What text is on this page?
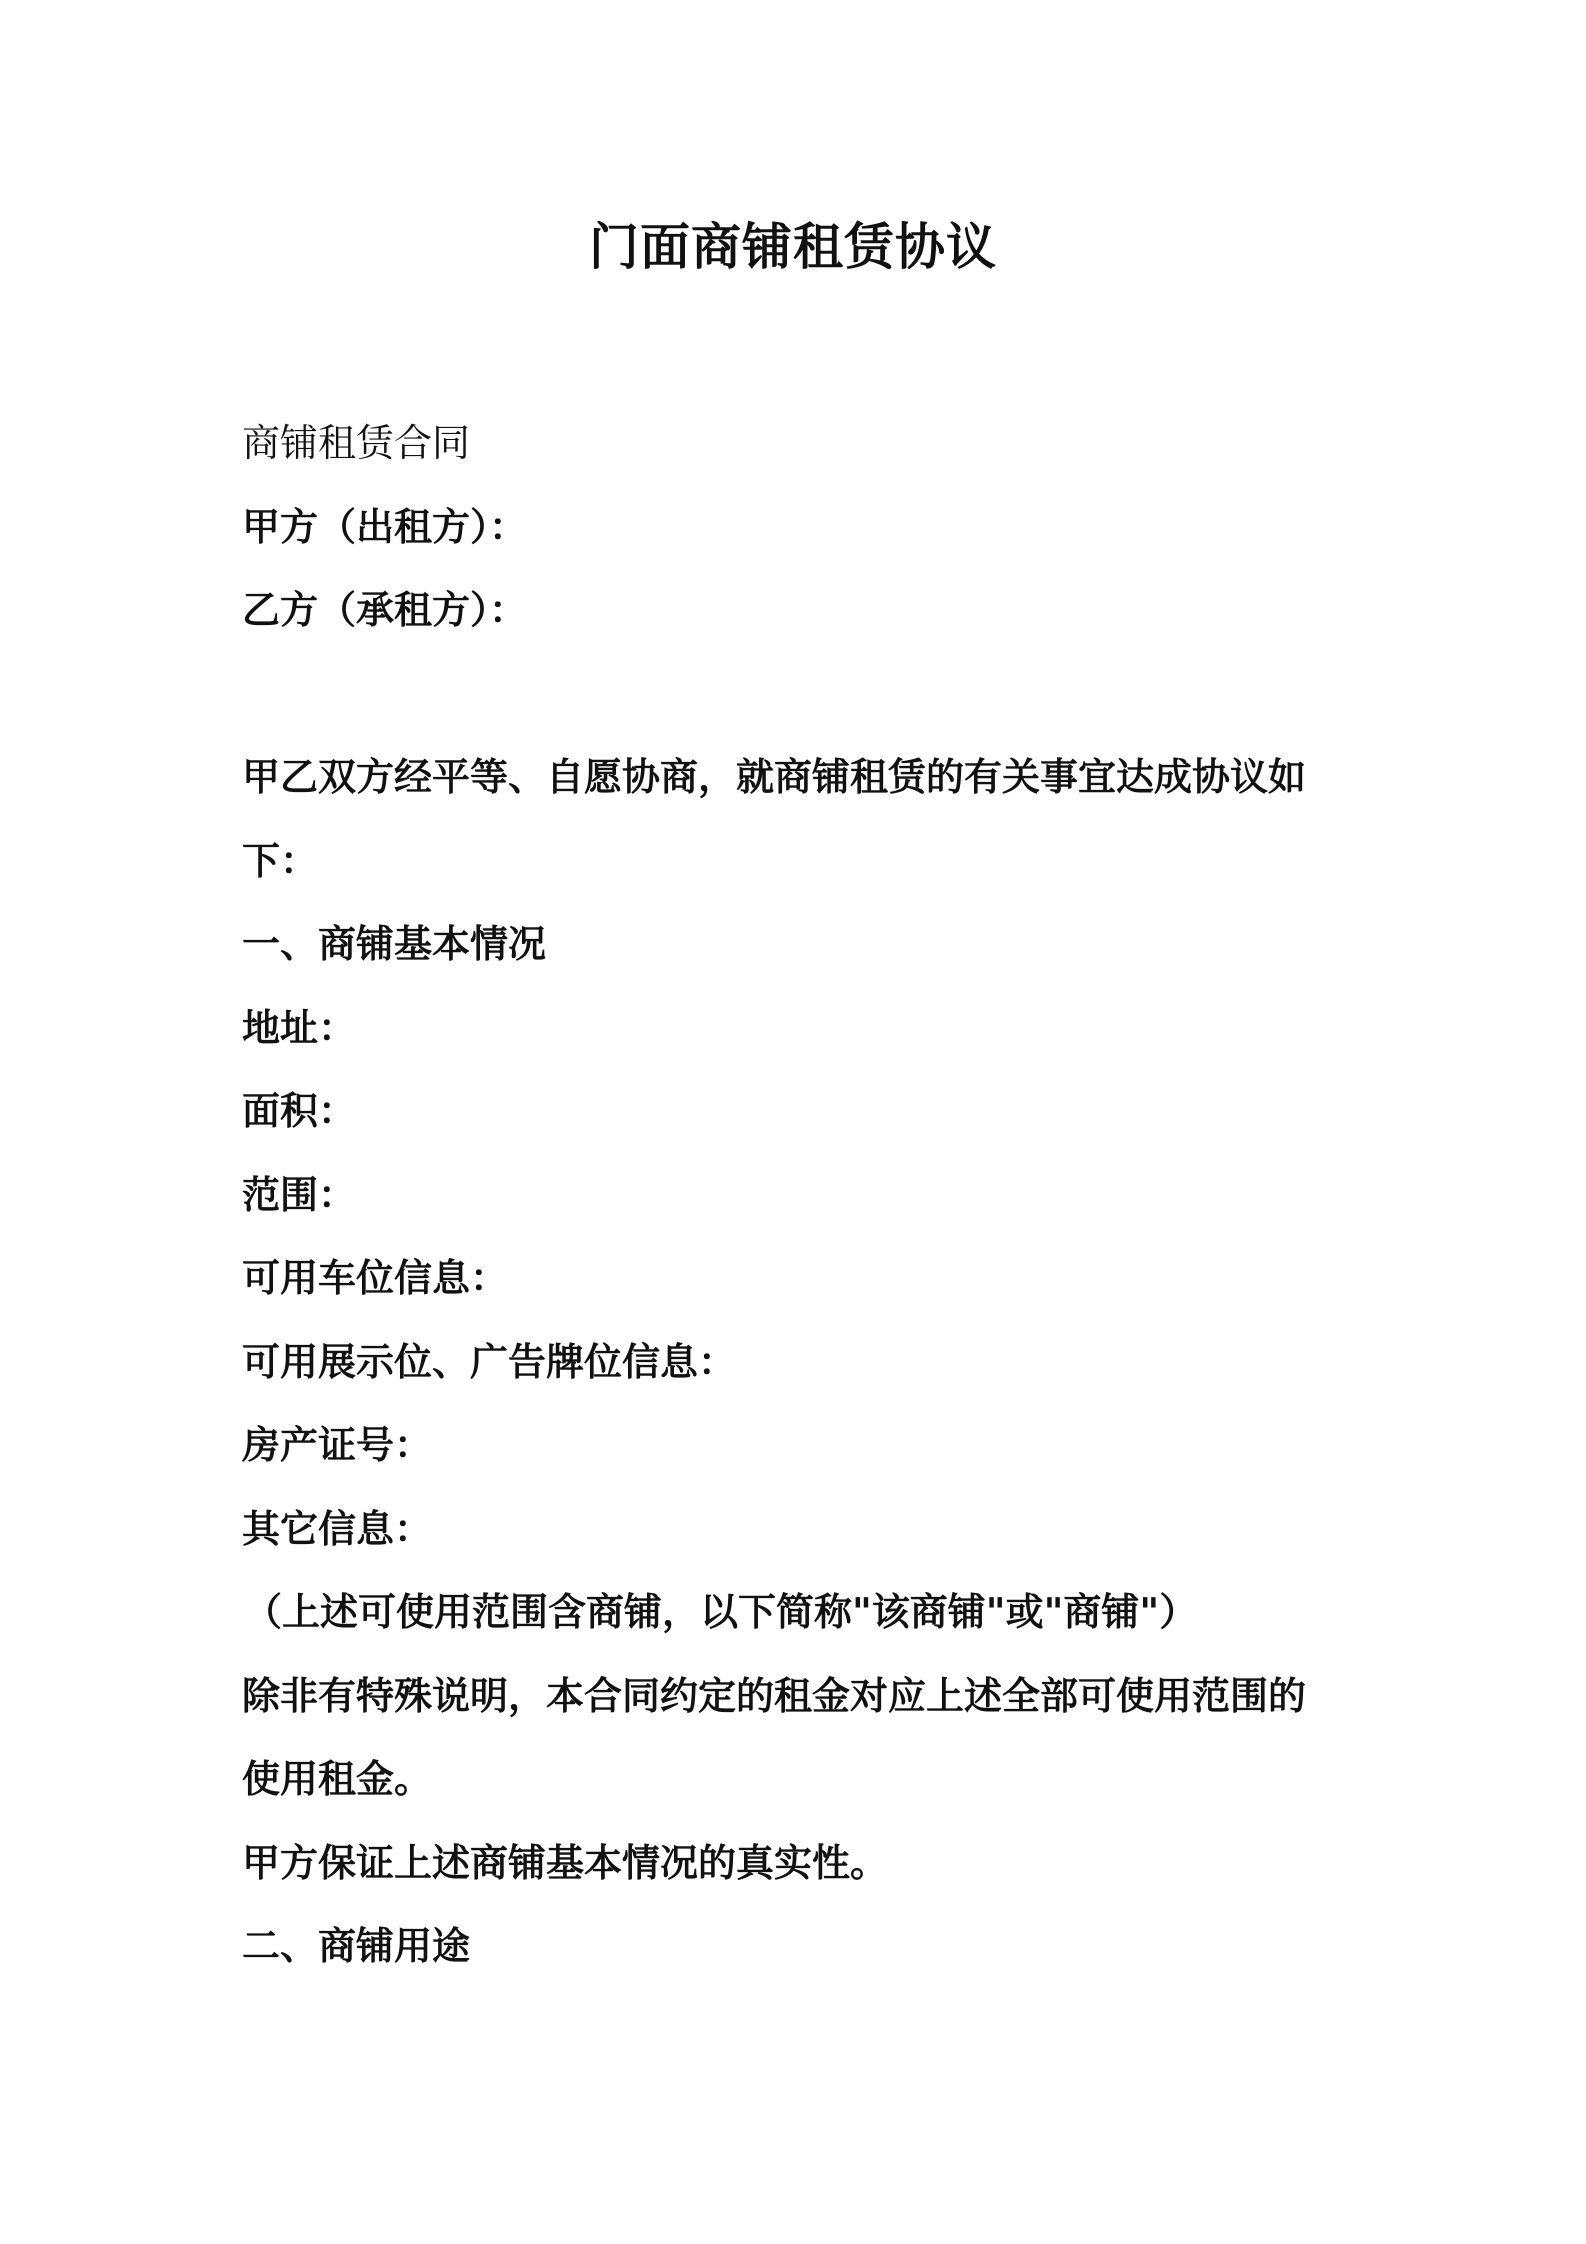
门面商铺租赁协议

商铺租赁合同

甲方（出租方）：

乙方（承租方）：

甲乙双方经平等、自愿协商，就商铺租赁的有关事宜达成协议如

下：

一、商铺基本情况

地址：

面积：

范围：

可用车位信息：

可用展示位、广告牌位信息：

房产证号：

其它信息：

（上述可使用范围含商铺，以下简称"该商铺"或"商铺"）

除非有特殊说明，本合同约定的租金对应上述全部可使用范围的

使用租金。

甲方保证上述商铺基本情况的真实性。

二、商铺用途
